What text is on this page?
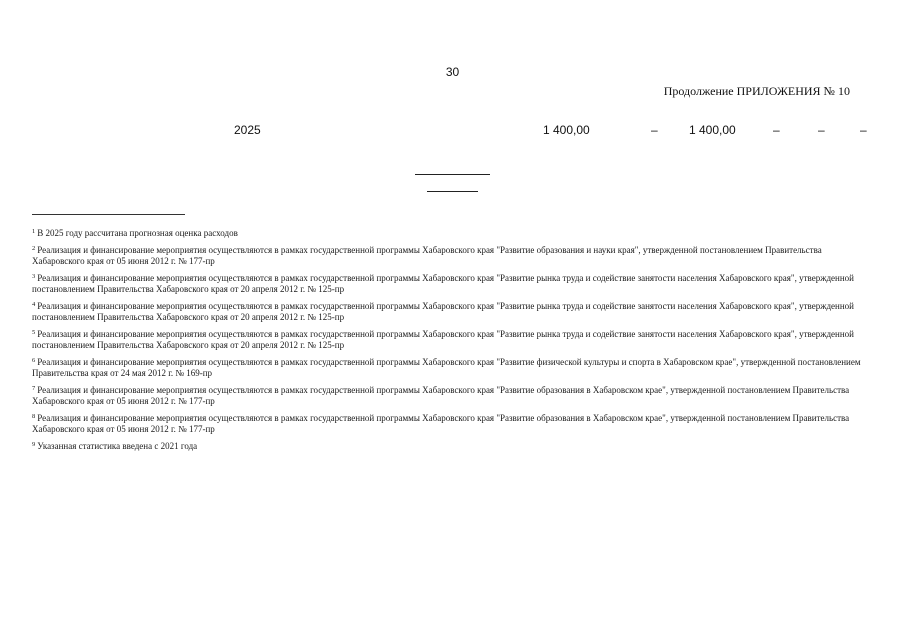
30
Продолжение ПРИЛОЖЕНИЯ № 10
2025	1 400,00	–	1 400,00	–	–	–
$^1$ В 2025 году рассчитана прогнозная оценка расходов
$^2$ Реализация и финансирование мероприятия осуществляются в рамках государственной программы Хабаровского края "Развитие образования и науки края", утвержденной постановлением Правительства Хабаровского края от 05 июня 2012 г. № 177-пр
$^3$ Реализация и финансирование мероприятия осуществляются в рамках государственной программы Хабаровского края "Развитие рынка труда и содействие занятости населения Хабаровского края", утвержденной постановлением Правительства Хабаровского края от 20 апреля 2012 г. № 125-пр
$^4$ Реализация и финансирование мероприятия осуществляются в рамках государственной программы Хабаровского края "Развитие рынка труда и содействие занятости населения Хабаровского края", утвержденной постановлением Правительства Хабаровского края от 20 апреля 2012 г. № 125-пр
$^5$ Реализация и финансирование мероприятия осуществляются в рамках государственной программы Хабаровского края "Развитие рынка труда и содействие занятости населения Хабаровского края", утвержденной постановлением Правительства Хабаровского края от 20 апреля 2012 г. № 125-пр
$^6$ Реализация и финансирование мероприятия осуществляются в рамках государственной программы Хабаровского края "Развитие физической культуры и спорта в Хабаровском крае", утвержденной постановлением Правительства края от 24 мая 2012 г. № 169-пр
$^7$ Реализация и финансирование мероприятия осуществляются в рамках государственной программы Хабаровского края "Развитие образования в Хабаровском крае", утвержденной постановлением Правительства Хабаровского края от 05 июня 2012 г. № 177-пр
$^8$ Реализация и финансирование мероприятия осуществляются в рамках государственной программы Хабаровского края "Развитие образования в Хабаровском крае", утвержденной постановлением Правительства Хабаровского края от 05 июня 2012 г. № 177-пр
$^9$ Указанная статистика введена с 2021 года
